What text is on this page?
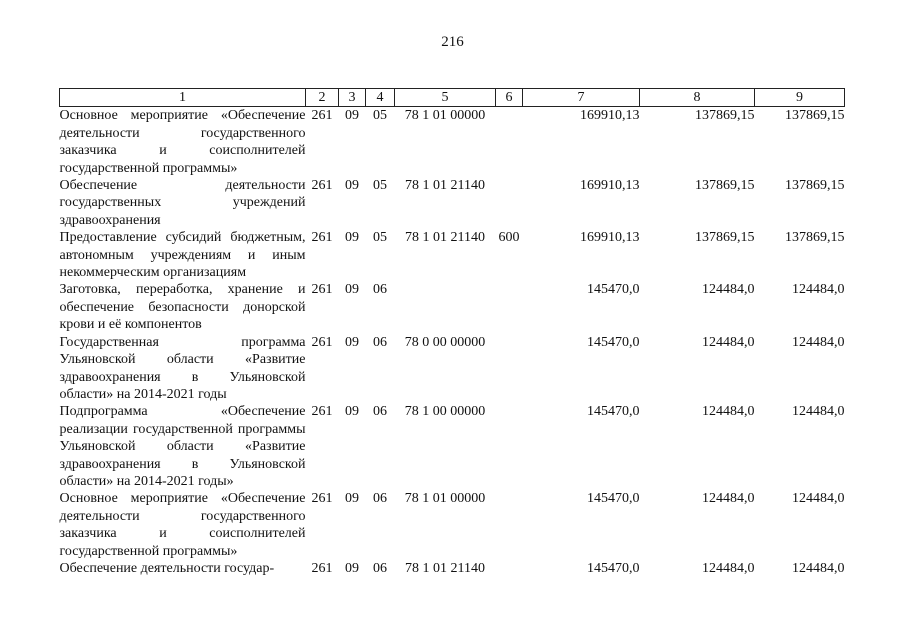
216
1	2	3	4	5	6	7	8	9
Основное мероприятие «Обеспечение деятельности государственного заказчика и соисполнителей государственной программы»	261	09	05	78 1 01 00000		169910,13	137869,15	137869,15
Обеспечение деятельности государственных учреждений здравоохранения	261	09	05	78 1 01 21140		169910,13	137869,15	137869,15
Предоставление субсидий бюджетным, автономным учреждениям и иным некоммерческим организациям	261	09	05	78 1 01 21140	600	169910,13	137869,15	137869,15
Заготовка, переработка, хранение и обеспечение безопасности донорской крови и её компонентов	261	09	06			145470,0	124484,0	124484,0
Государственная программа Ульяновской области «Развитие здравоохранения в Ульяновской области» на 2014-2021 годы	261	09	06	78 0 00 00000		145470,0	124484,0	124484,0
Подпрограмма «Обеспечение реализации государственной программы Ульяновской области «Развитие здравоохранения в Ульяновской области» на 2014-2021 годы»	261	09	06	78 1 00 00000		145470,0	124484,0	124484,0
Основное мероприятие «Обеспечение деятельности государственного заказчика и соисполнителей государственной программы»	261	09	06	78 1 01 00000		145470,0	124484,0	124484,0
Обеспечение деятельности государ-	261	09	06	78 1 01 21140		145470,0	124484,0	124484,0
